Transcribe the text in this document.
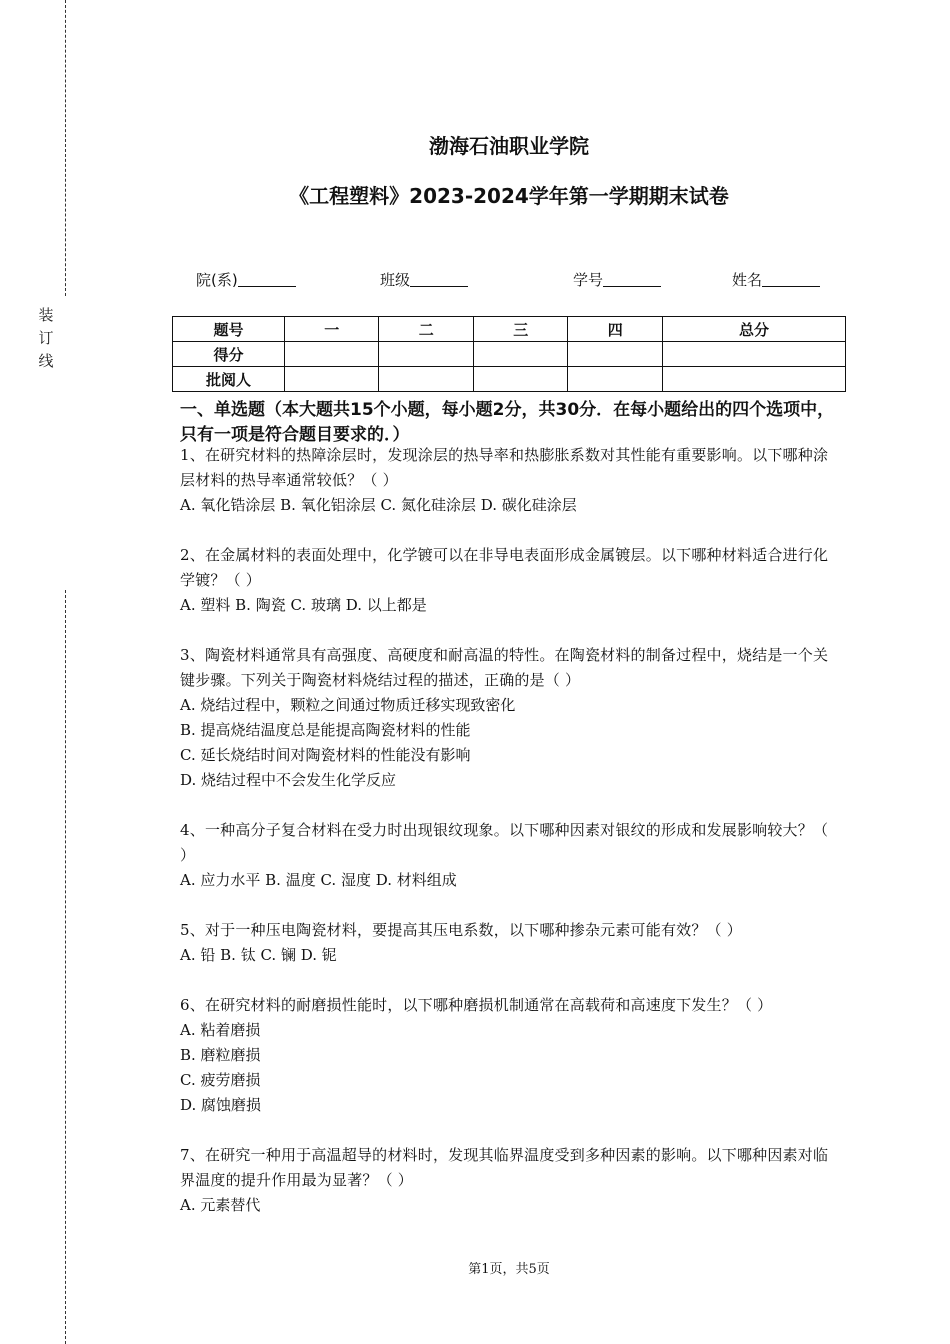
装
订
线
渤海石油职业学院
《工程塑料》2023-2024学年第一学期期末试卷
院(系)	班级	学号	姓名
题号	一	二	三	四	总分
得分					
批阅人					
一、单选题（本大题共15个小题，每小题2分，共30分．在每小题给出的四个选项中，只有一项是符合题目要求的．）
1、在研究材料的热障涂层时，发现涂层的热导率和热膨胀系数对其性能有重要影响。以下哪种涂层材料的热导率通常较低？（ ）
A. 氧化锆涂层 B. 氧化铝涂层 C. 氮化硅涂层 D. 碳化硅涂层
2、在金属材料的表面处理中，化学镀可以在非导电表面形成金属镀层。以下哪种材料适合进行化学镀？（ ）
A. 塑料 B. 陶瓷 C. 玻璃 D. 以上都是
3、陶瓷材料通常具有高强度、高硬度和耐高温的特性。在陶瓷材料的制备过程中，烧结是一个关键步骤。下列关于陶瓷材料烧结过程的描述，正确的是（ ）
A. 烧结过程中，颗粒之间通过物质迁移实现致密化
B. 提高烧结温度总是能提高陶瓷材料的性能
C. 延长烧结时间对陶瓷材料的性能没有影响
D. 烧结过程中不会发生化学反应
4、一种高分子复合材料在受力时出现银纹现象。以下哪种因素对银纹的形成和发展影响较大？（ ）
A. 应力水平 B. 温度 C. 湿度 D. 材料组成
5、对于一种压电陶瓷材料，要提高其压电系数，以下哪种掺杂元素可能有效？（ ）
A. 铅 B. 钛 C. 镧 D. 铌
6、在研究材料的耐磨损性能时，以下哪种磨损机制通常在高载荷和高速度下发生？（ ）
A. 粘着磨损
B. 磨粒磨损
C. 疲劳磨损
D. 腐蚀磨损
7、在研究一种用于高温超导的材料时，发现其临界温度受到多种因素的影响。以下哪种因素对临界温度的提升作用最为显著？（ ）
A. 元素替代
第1页，共5页
